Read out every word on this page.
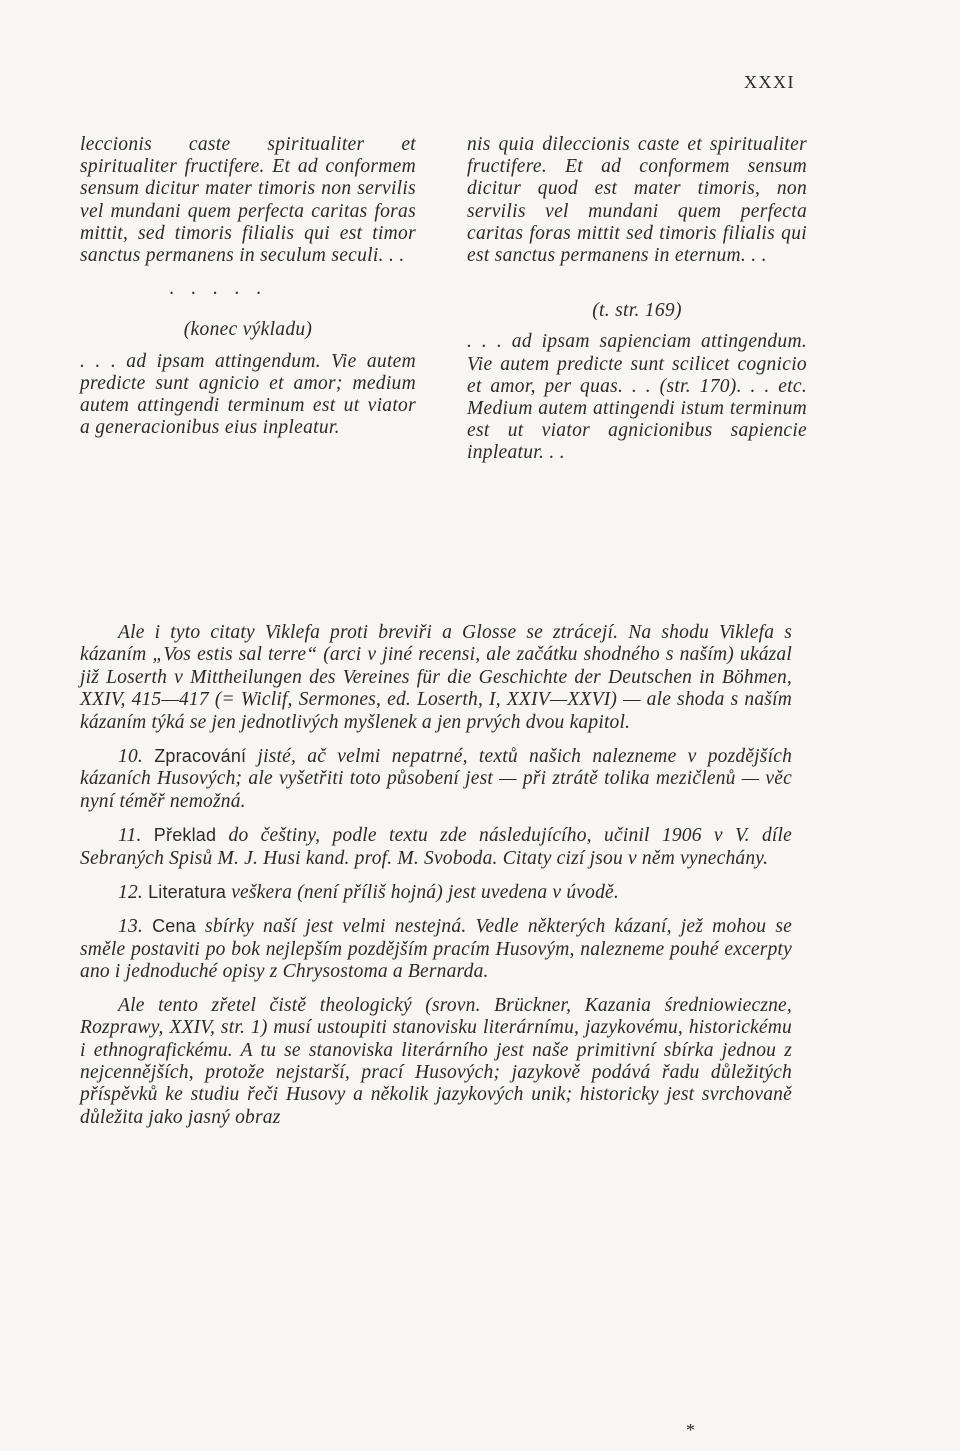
XXXI

leccionis caste spiritualiter et spiritualiter fructifere. Et ad conformem sensum dicitur mater timoris non servilis vel mundani quem perfecta caritas foras mittit, sed timoris filialis qui est timor sanctus permanens in seculum seculi. . .

. . . . .

(konec výkladu)

. . . ad ipsam attingendum. Vie autem predicte sunt agnicio et amor; medium autem attingendi terminum est ut viator a generacionibus eius inpleatur.

nis quia dileccionis caste et spiritualiter fructifere. Et ad conformem sensum dicitur quod est mater timoris, non servilis vel mundani quem perfecta caritas foras mittit sed timoris filialis qui est sanctus permanens in eternum. . .

(t. str. 169)

. . . ad ipsam sapienciam attingendum. Vie autem predicte sunt scilicet cognicio et amor, per quas. . . (str. 170). . . etc. Medium autem attingendi istum terminum est ut viator agnicionibus sapiencie inpleatur. . .

Ale i tyto citaty Viklefa proti breviři a Glosse se ztrácejí. Na shodu Viklefa s kázaním „Vos estis sal terre“ (arci v jiné recensi, ale začátku shodného s naším) ukázal již Loserth v Mittheilungen des Vereines für die Geschichte der Deutschen in Böhmen, XXIV, 415—417 (= Wiclif, Sermones, ed. Loserth, I, XXIV—XXVI) — ale shoda s naším kázaním týká se jen jednotlivých myšlenek a jen prvých dvou kapitol.

10. Zpracování jisté, ač velmi nepatrné, textů našich nalezneme v pozdějších kázaních Husových; ale vyšetřiti toto působení jest — při ztrátě tolika mezičlenů — věc nyní téměř nemožná.

11. Překlad do češtiny, podle textu zde následujícího, učinil 1906 v V. díle Sebraných Spisů M. J. Husi kand. prof. M. Svoboda. Citaty cizí jsou v něm vynechány.

12. Literatura veškera (není příliš hojná) jest uvedena v úvodě.

13. Cena sbírky naší jest velmi nestejná. Vedle některých kázaní, jež mohou se směle postaviti po bok nejlepším pozdějším pracím Husovým, nalezneme pouhé excerpty ano i jednoduché opisy z Chrysostoma a Bernarda.

Ale tento zřetel čistě theologický (srovn. Brückner, Kazania średniowieczne, Rozprawy, XXIV, str. 1) musí ustoupiti stanovisku literárnímu, jazykovému, historickému i ethnografickému. A tu se stanoviska literárního jest naše primitivní sbírka jednou z nejcennějších, protože nejstarší, prací Husových; jazykově podává řadu důležitých příspěvků ke studiu řeči Husovy a několik jazykových unik; historicky jest svrchovaně důležita jako jasný obraz

*
